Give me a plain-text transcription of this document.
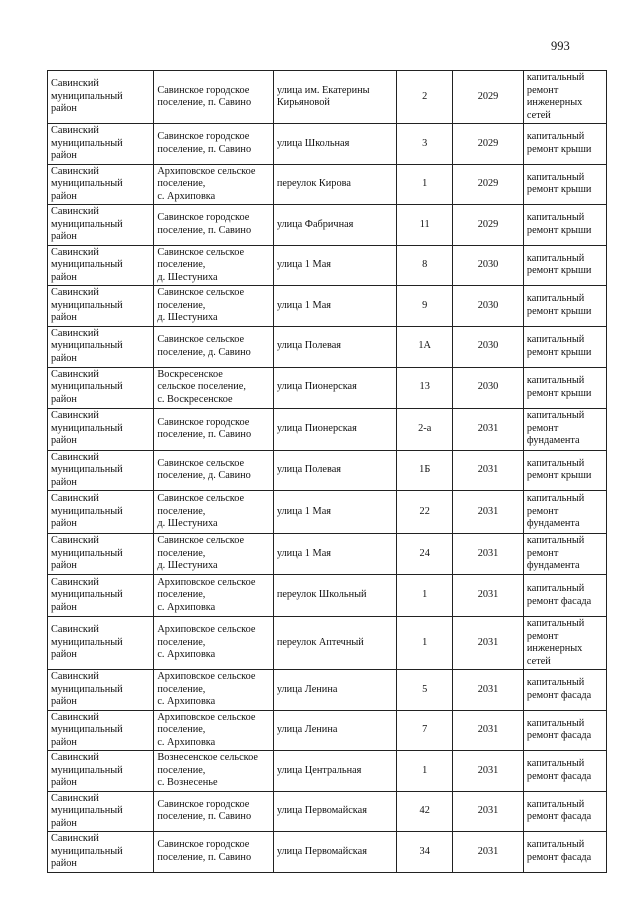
993
Савинский
муниципальный
район	Савинское городское
поселение, п. Савино	улица им. Екатерины
Кирьяновой	2	2029	капитальный
ремонт
инженерных
сетей

Савинский
муниципальный
район	Савинское городское
поселение, п. Савино	улица Школьная	3	2029	капитальный
ремонт крыши

Савинский
муниципальный
район	Архиповское сельское
поселение,
с. Архиповка	переулок Кирова	1	2029	капитальный
ремонт крыши

Савинский
муниципальный
район	Савинское городское
поселение, п. Савино	улица Фабричная	11	2029	капитальный
ремонт крыши

Савинский
муниципальный
район	Савинское сельское
поселение,
д. Шестуниха	улица 1 Мая	8	2030	капитальный
ремонт крыши

Савинский
муниципальный
район	Савинское сельское
поселение,
д. Шестуниха	улица 1 Мая	9	2030	капитальный
ремонт крыши

Савинский
муниципальный
район	Савинское сельское
поселение, д. Савино	улица Полевая	1А	2030	капитальный
ремонт крыши

Савинский
муниципальный
район	Воскресенское
сельское поселение,
с. Воскресенское	улица Пионерская	13	2030	капитальный
ремонт крыши

Савинский
муниципальный
район	Савинское городское
поселение, п. Савино	улица Пионерская	2-а	2031	капитальный
ремонт
фундамента

Савинский
муниципальный
район	Савинское сельское
поселение, д. Савино	улица Полевая	1Б	2031	капитальный
ремонт крыши

Савинский
муниципальный
район	Савинское сельское
поселение,
д. Шестуниха	улица 1 Мая	22	2031	капитальный
ремонт
фундамента

Савинский
муниципальный
район	Савинское сельское
поселение,
д. Шестуниха	улица 1 Мая	24	2031	капитальный
ремонт
фундамента

Савинский
муниципальный
район	Архиповское сельское
поселение,
с. Архиповка	переулок Школьный	1	2031	капитальный
ремонт фасада

Савинский
муниципальный
район	Архиповское сельское
поселение,
с. Архиповка	переулок Аптечный	1	2031	капитальный
ремонт
инженерных
сетей

Савинский
муниципальный
район	Архиповское сельское
поселение,
с. Архиповка	улица Ленина	5	2031	капитальный
ремонт фасада

Савинский
муниципальный
район	Архиповское сельское
поселение,
с. Архиповка	улица Ленина	7	2031	капитальный
ремонт фасада

Савинский
муниципальный
район	Вознесенское сельское
поселение,
с. Вознесенье	улица Центральная	1	2031	капитальный
ремонт фасада

Савинский
муниципальный
район	Савинское городское
поселение, п. Савино	улица Первомайская	42	2031	капитальный
ремонт фасада

Савинский
муниципальный
район	Савинское городское
поселение, п. Савино	улица Первомайская	34	2031	капитальный
ремонт фасада
